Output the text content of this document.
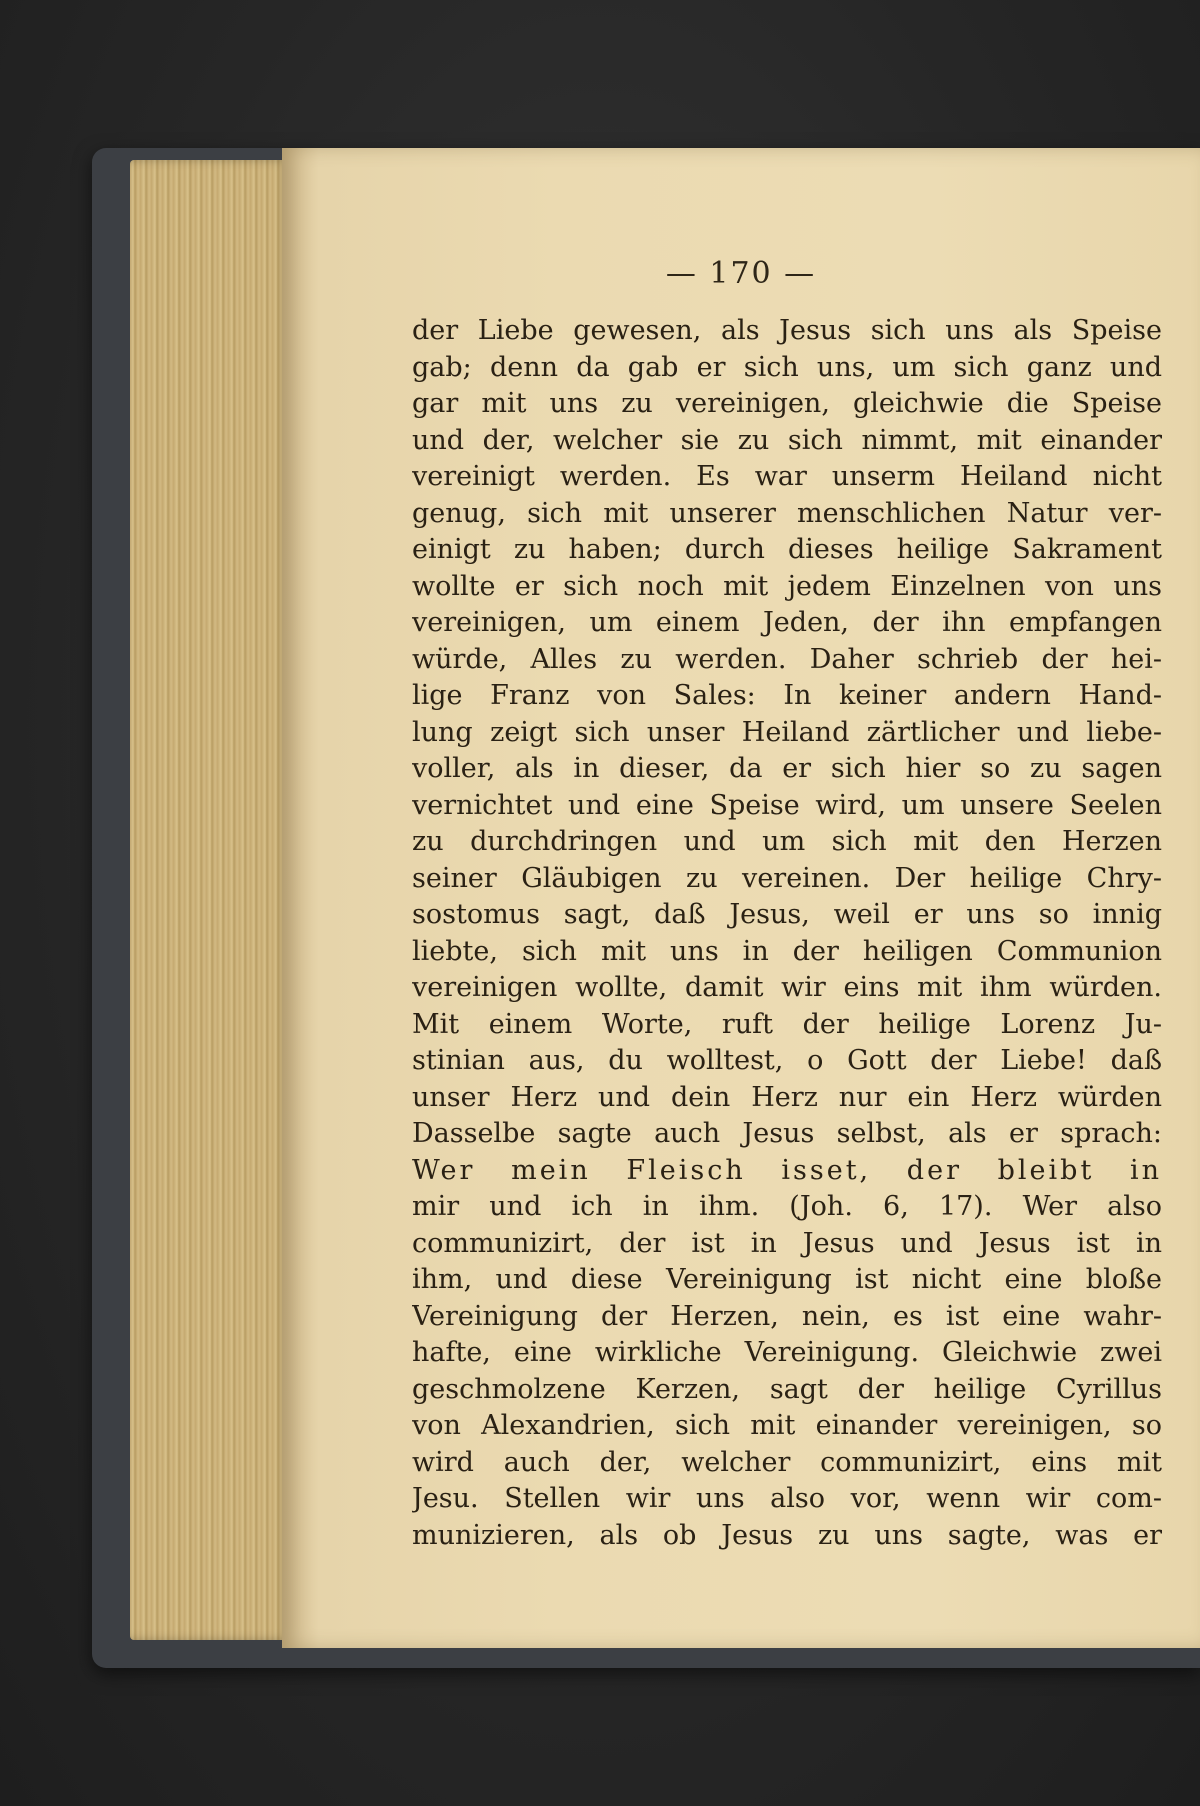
— 170 —
der Liebe gewesen, als Jesus sich uns als Speise
gab; denn da gab er sich uns, um sich ganz und
gar mit uns zu vereinigen, gleichwie die Speise
und der, welcher sie zu sich nimmt, mit einander
vereinigt werden. Es war unserm Heiland nicht
genug, sich mit unserer menschlichen Natur ver-
einigt zu haben; durch dieses heilige Sakrament
wollte er sich noch mit jedem Einzelnen von uns
vereinigen, um einem Jeden, der ihn empfangen
würde, Alles zu werden. Daher schrieb der hei-
lige Franz von Sales: In keiner andern Hand-
lung zeigt sich unser Heiland zärtlicher und liebe-
voller, als in dieser, da er sich hier so zu sagen
vernichtet und eine Speise wird, um unsere Seelen
zu durchdringen und um sich mit den Herzen
seiner Gläubigen zu vereinen. Der heilige Chry-
sostomus sagt, daß Jesus, weil er uns so innig
liebte, sich mit uns in der heiligen Communion
vereinigen wollte, damit wir eins mit ihm würden.
Mit einem Worte, ruft der heilige Lorenz Ju-
stinian aus, du wolltest, o Gott der Liebe! daß
unser Herz und dein Herz nur ein Herz würden
Dasselbe sagte auch Jesus selbst, als er sprach:
Wer mein Fleisch isset, der bleibt in
mir und ich in ihm. (Joh. 6, 17). Wer also
communizirt, der ist in Jesus und Jesus ist in
ihm, und diese Vereinigung ist nicht eine bloße
Vereinigung der Herzen, nein, es ist eine wahr-
hafte, eine wirkliche Vereinigung. Gleichwie zwei
geschmolzene Kerzen, sagt der heilige Cyrillus
von Alexandrien, sich mit einander vereinigen, so
wird auch der, welcher communizirt, eins mit
Jesu. Stellen wir uns also vor, wenn wir com-
munizieren, als ob Jesus zu uns sagte, was er
